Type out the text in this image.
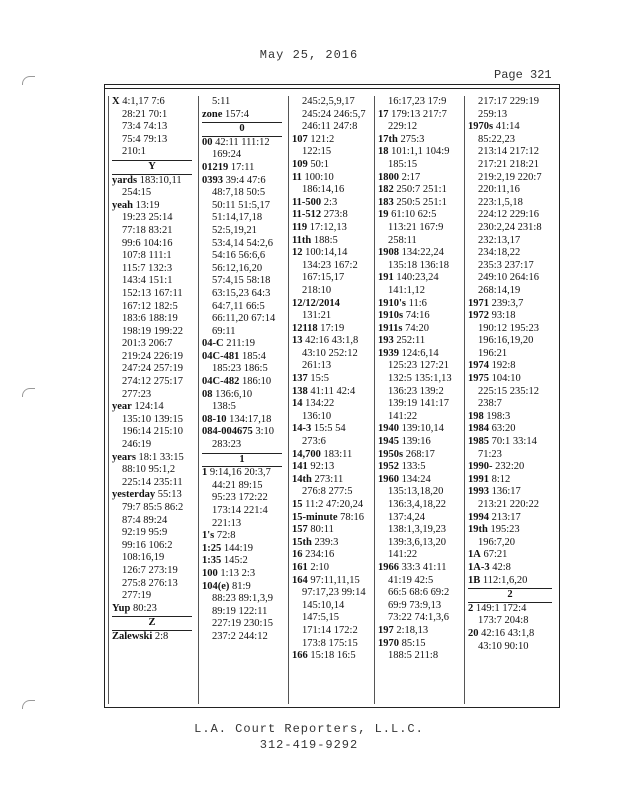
May 25, 2016
Page 321
X 4:1,17 7:6
28:21 70:1
73:4 74:13
75:4 79:13
210:1
Y
yards 183:10,11
254:15
yeah 13:19
19:23 25:14
77:18 83:21
99:6 104:16
107:8 111:1
115:7 132:3
143:4 151:1
152:13 167:11
167:12 182:5
183:6 188:19
198:19 199:22
201:3 206:7
219:24 226:19
247:24 257:19
274:12 275:17
277:23
year 124:14
135:10 139:15
196:14 215:10
246:19
years 18:1 33:15
88:10 95:1,2
225:14 235:11
yesterday 55:13
79:7 85:5 86:2
87:4 89:24
92:19 95:9
99:16 106:2
108:16,19
126:7 273:19
275:8 276:13
277:19
Yup 80:23
Z
Zalewski 2:8
5:11
zone 157:4
0
00 42:11 111:12
169:24
01219 17:11
0393 39:4 47:6
48:7,18 50:5
50:11 51:5,17
51:14,17,18
52:5,19,21
53:4,14 54:2,6
54:16 56:6,6
56:12,16,20
57:4,15 58:18
63:15,23 64:3
64:7,11 66:5
66:11,20 67:14
69:11
04-C 211:19
04C-481 185:4
185:23 186:5
04C-482 186:10
08 136:6,10
138:5
08-10 134:17,18
084-004675 3:10
283:23
1
1 9:14,16 20:3,7
44:21 89:15
95:23 172:22
173:14 221:4
221:13
1's 72:8
1:25 144:19
1:35 145:2
100 1:13 2:3
104(e) 81:9
88:23 89:1,3,9
89:19 122:11
227:19 230:15
237:2 244:12
245:2,5,9,17
245:24 246:5,7
246:11 247:8
107 121:2
122:15
109 50:1
11 100:10
186:14,16
11-500 2:3
11-512 273:8
119 17:12,13
11th 188:5
12 100:14,14
134:23 167:2
167:15,17
218:10
12/12/2014
131:21
12118 17:19
13 42:16 43:1,8
43:10 252:12
261:13
137 15:5
138 41:11 42:4
14 134:22
136:10
14-3 15:5 54
273:6
14,700 183:11
141 92:13
14th 273:11
276:8 277:5
15 11:2 47:20,24
15-minute 78:16
157 80:11
15th 239:3
16 234:16
161 2:10
164 97:11,11,15
97:17,23 99:14
145:10,14
147:5,15
171:14 172:2
173:8 175:15
166 15:18 16:5
16:17,23 17:9
17 179:13 217:7
229:12
17th 275:3
18 101:1,1 104:9
185:15
1800 2:17
182 250:7 251:1
183 250:5 251:1
19 61:10 62:5
113:21 167:9
258:11
1908 134:22,24
135:18 136:18
191 140:23,24
141:1,12
1910's 11:6
1910s 74:16
1911s 74:20
193 252:11
1939 124:6,14
125:23 127:21
132:5 135:1,13
136:23 139:2
139:19 141:17
141:22
1940 139:10,14
1945 139:16
1950s 268:17
1952 133:5
1960 134:24
135:13,18,20
136:3,4,18,22
137:4,24
138:1,3,19,23
139:3,6,13,20
141:22
1966 33:3 41:11
41:19 42:5
66:5 68:6 69:2
69:9 73:9,13
73:22 74:1,3,6
197 2:18,13
1970 85:15
188:5 211:8
217:17 229:19
259:13
1970s 41:14
85:22,23
213:14 217:12
217:21 218:21
219:2,19 220:7
220:11,16
223:1,5,18
224:12 229:16
230:2,24 231:8
232:13,17
234:18,22
235:3 237:17
249:10 264:16
268:14,19
1971 239:3,7
1972 93:18
190:12 195:23
196:16,19,20
196:21
1974 192:8
1975 104:10
225:15 235:12
238:7
198 198:3
1984 63:20
1985 70:1 33:14
71:23
1990- 232:20
1991 8:12
1993 136:17
213:21 220:22
1994 213:17
19th 195:23
196:7,20
1A 67:21
1A-3 42:8
1B 112:1,6,20
2
2 149:1 172:4
173:7 204:8
20 42:16 43:1,8
43:10 90:10
L.A. Court Reporters, L.L.C.
312-419-9292
